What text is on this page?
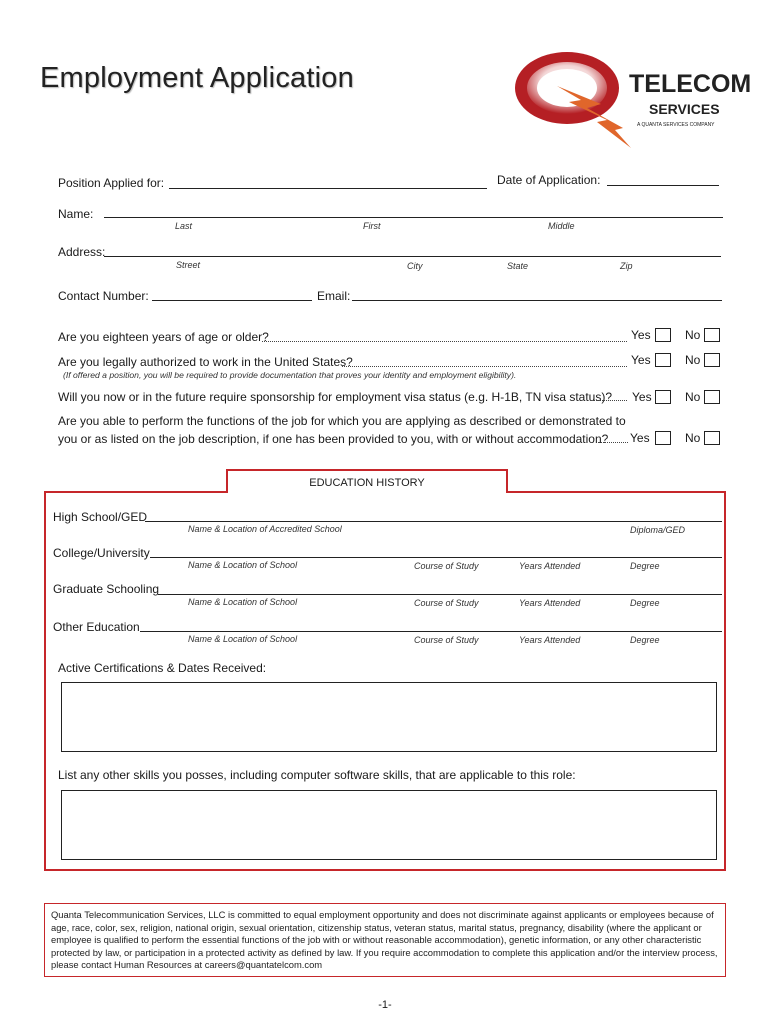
Employment Application	TELECOM
SERVICES
A QUANTA SERVICES COMPANY
Position Applied for:	Date of Application:
Name:
Last	First	Middle
Address:
Street	City	State	Zip
Contact Number:	Email:
Are you eighteen years of age or older?	Yes	No
Are you legally authorized to work in the United States?	Yes	No
(If offered a position, you will be required to provide documentation that proves your identity and employment eligibility).
Will you now or in the future require sponsorship for employment visa status (e.g. H-1B, TN visa status)? Yes	No
Are you able to perform the functions of the job for which you are applying as described or demonstrated to
you or as listed on the job description, if one has been provided to you, with or without accommodation? Yes	No
EDUCATION HISTORY
High School/GED
Name & Location of Accredited School	Diploma/GED
College/University
Name & Location of School	Course of Study	Years Attended	Degree
Graduate Schooling
Name & Location of School	Course of Study	Years Attended	Degree
Other Education
Name & Location of School	Course of Study	Years Attended	Degree
Active Certifications & Dates Received:
List any other skills you posses, including computer software skills, that are applicable to this role:
Quanta Telecommunication Services, LLC is committed to equal employment opportunity and does not discriminate against applicants or employees because of age, race, color, sex, religion, national origin, sexual orientation, citizenship status, veteran status, marital status, pregnancy, disability (where the applicant or employee is qualified to perform the essential functions of the job with or without reasonable accommodation), genetic information, or any other characteristic protected by law, or participation in a protected activity as defined by law. If you require accommodation to complete this application and/or the interview process, please contact Human Resources at careers@quantatelcom.com
-1-
